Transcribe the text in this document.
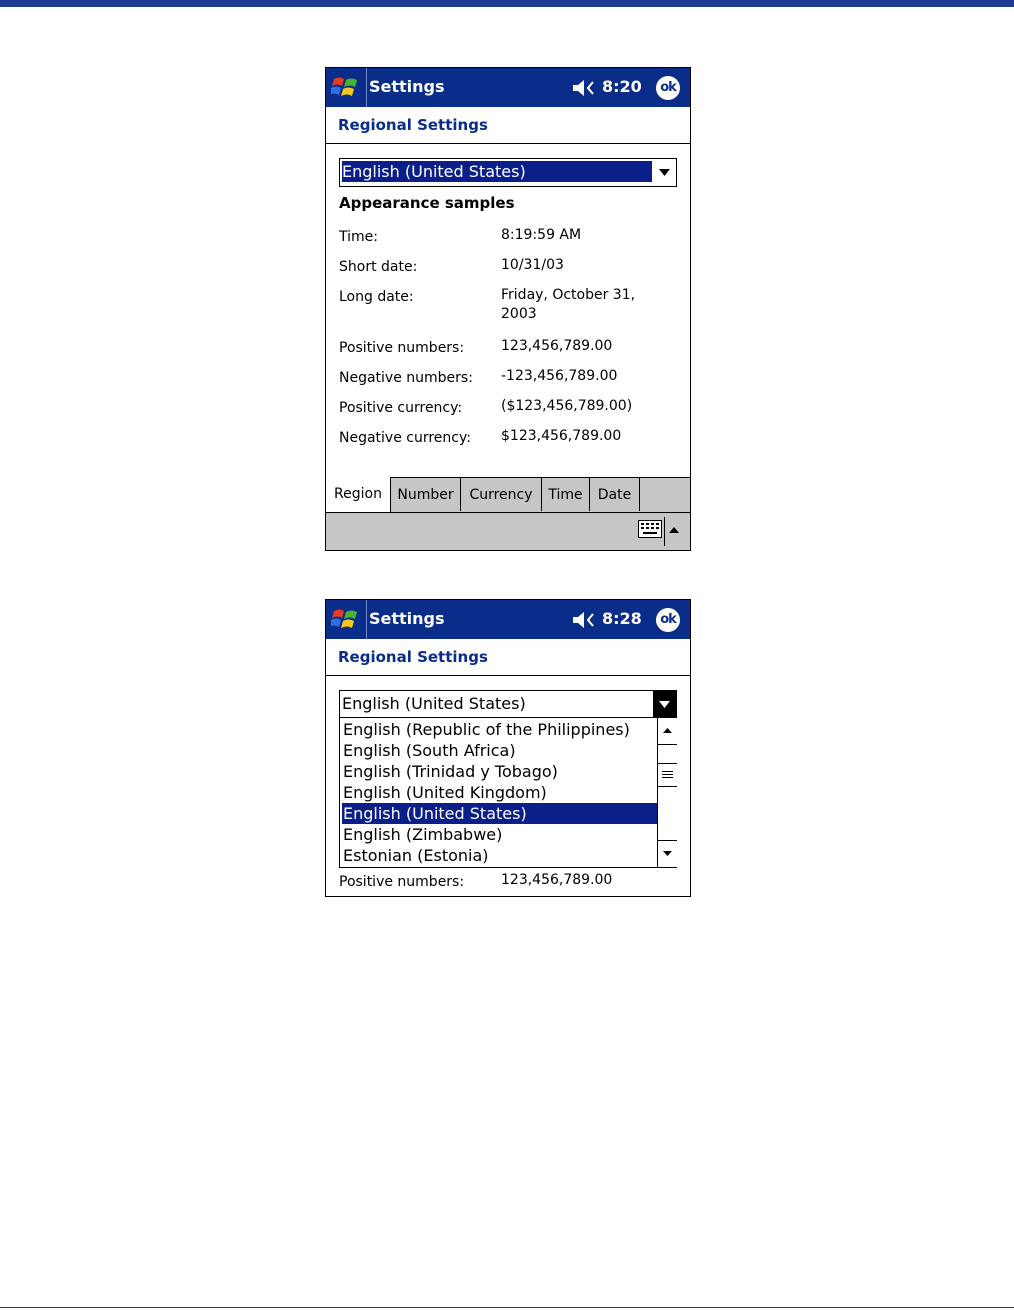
Settings	8:20	ok
Regional Settings
English (United States)
Appearance samples
Time:	8:19:59 AM
Short date:	10/31/03
Long date:	Friday, October 31, 2003
Positive numbers:	123,456,789.00
Negative numbers: -123,456,789.00
Positive currency:	($123,456,789.00)
Negative currency: $123,456,789.00
Region	Number	Currency	Time	Date
Settings	8:28	ok
Regional Settings
English (United States)
English (Republic of the Philippines)
English (South Africa)
English (Trinidad y Tobago)
English (United Kingdom)
English (United States)
English (Zimbabwe)
Estonian (Estonia)
Positive numbers:	123,456,789.00
